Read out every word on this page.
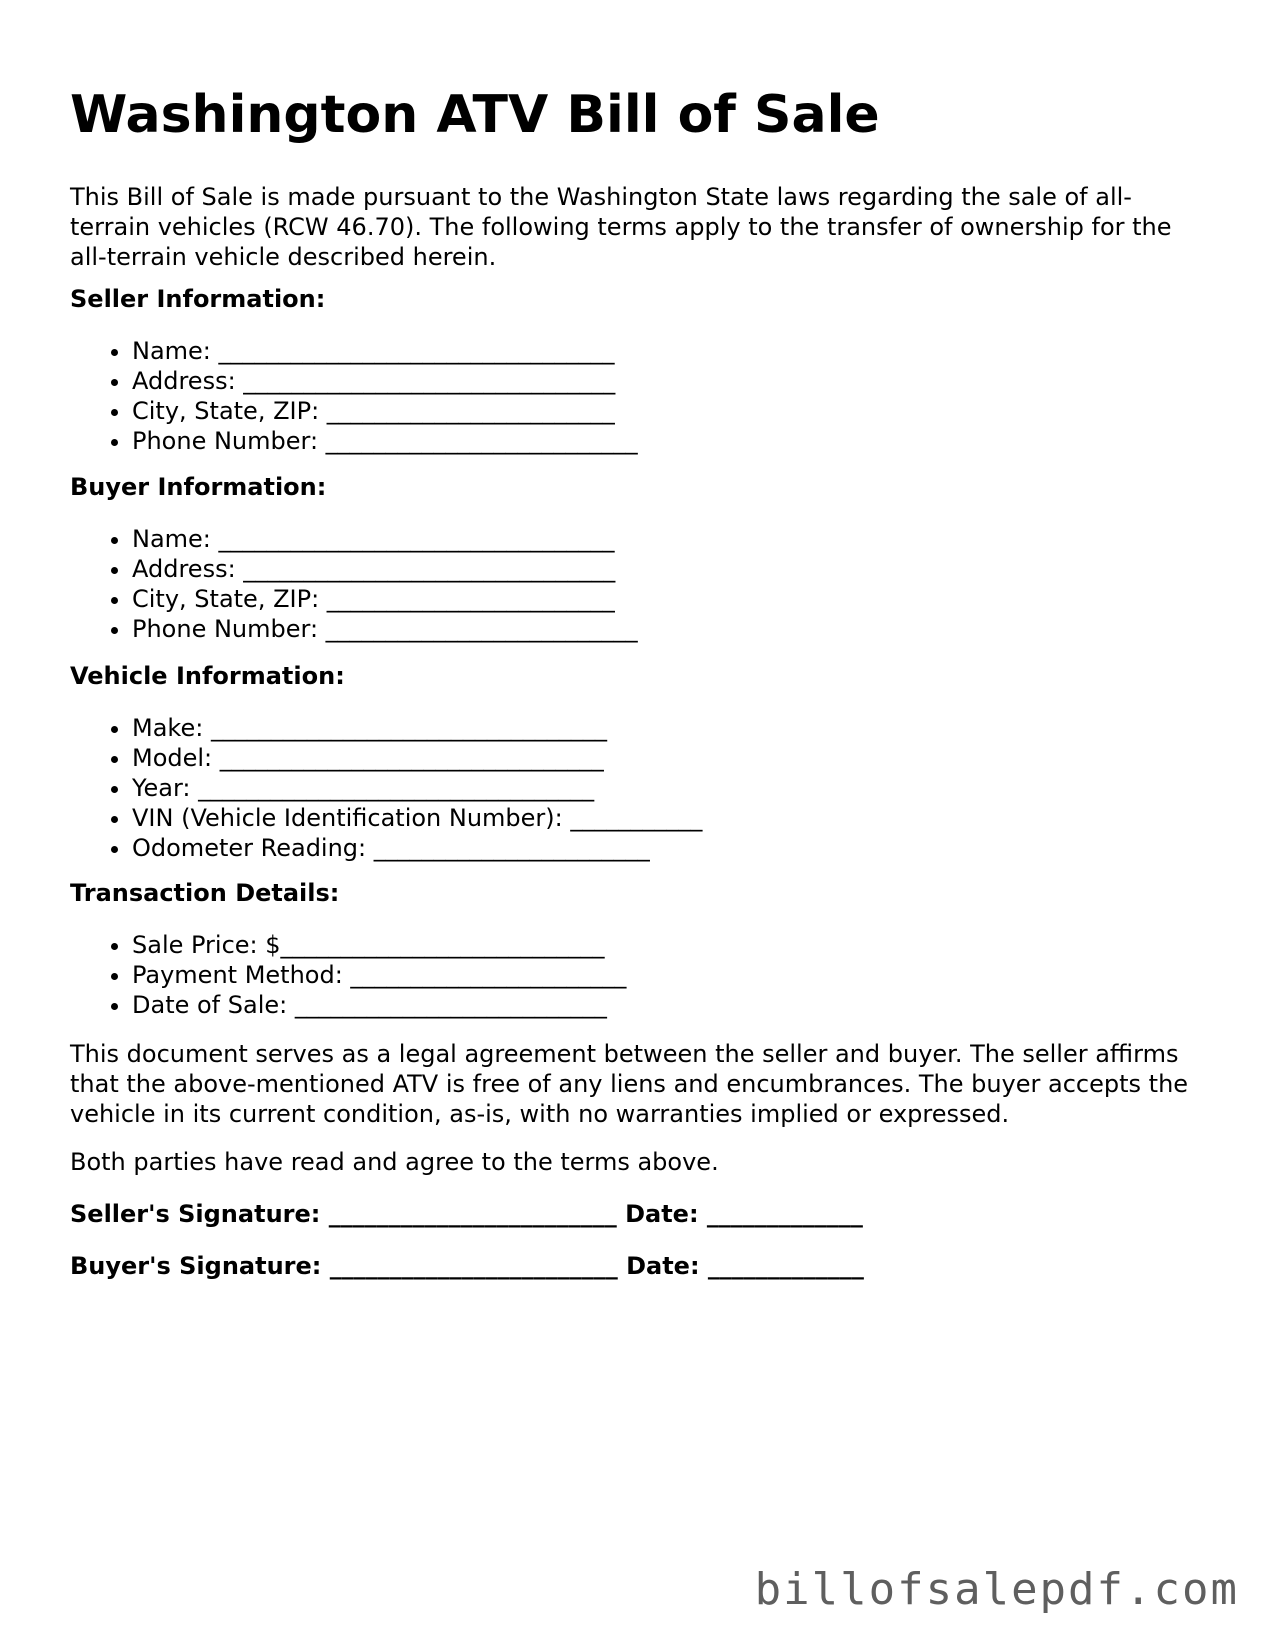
Washington ATV Bill of Sale

This Bill of Sale is made pursuant to the Washington State laws regarding the sale of all-terrain vehicles (RCW 46.70). The following terms apply to the transfer of ownership for the all-terrain vehicle described herein.

Seller Information:

• Name: _________________________________
• Address: _______________________________
• City, State, ZIP: ________________________
• Phone Number: __________________________

Buyer Information:

• Name: _________________________________
• Address: _______________________________
• City, State, ZIP: ________________________
• Phone Number: __________________________

Vehicle Information:

• Make: _________________________________
• Model: ________________________________
• Year: _________________________________
• VIN (Vehicle Identification Number): ___________
• Odometer Reading: _______________________

Transaction Details:

• Sale Price: $___________________________
• Payment Method: _______________________
• Date of Sale: __________________________

This document serves as a legal agreement between the seller and buyer. The seller affirms that the above-mentioned ATV is free of any liens and encumbrances. The buyer accepts the vehicle in its current condition, as-is, with no warranties implied or expressed.

Both parties have read and agree to the terms above.

Seller's Signature: ________________________ Date: _____________

Buyer's Signature: ________________________ Date: _____________

billofsalepdf.com
